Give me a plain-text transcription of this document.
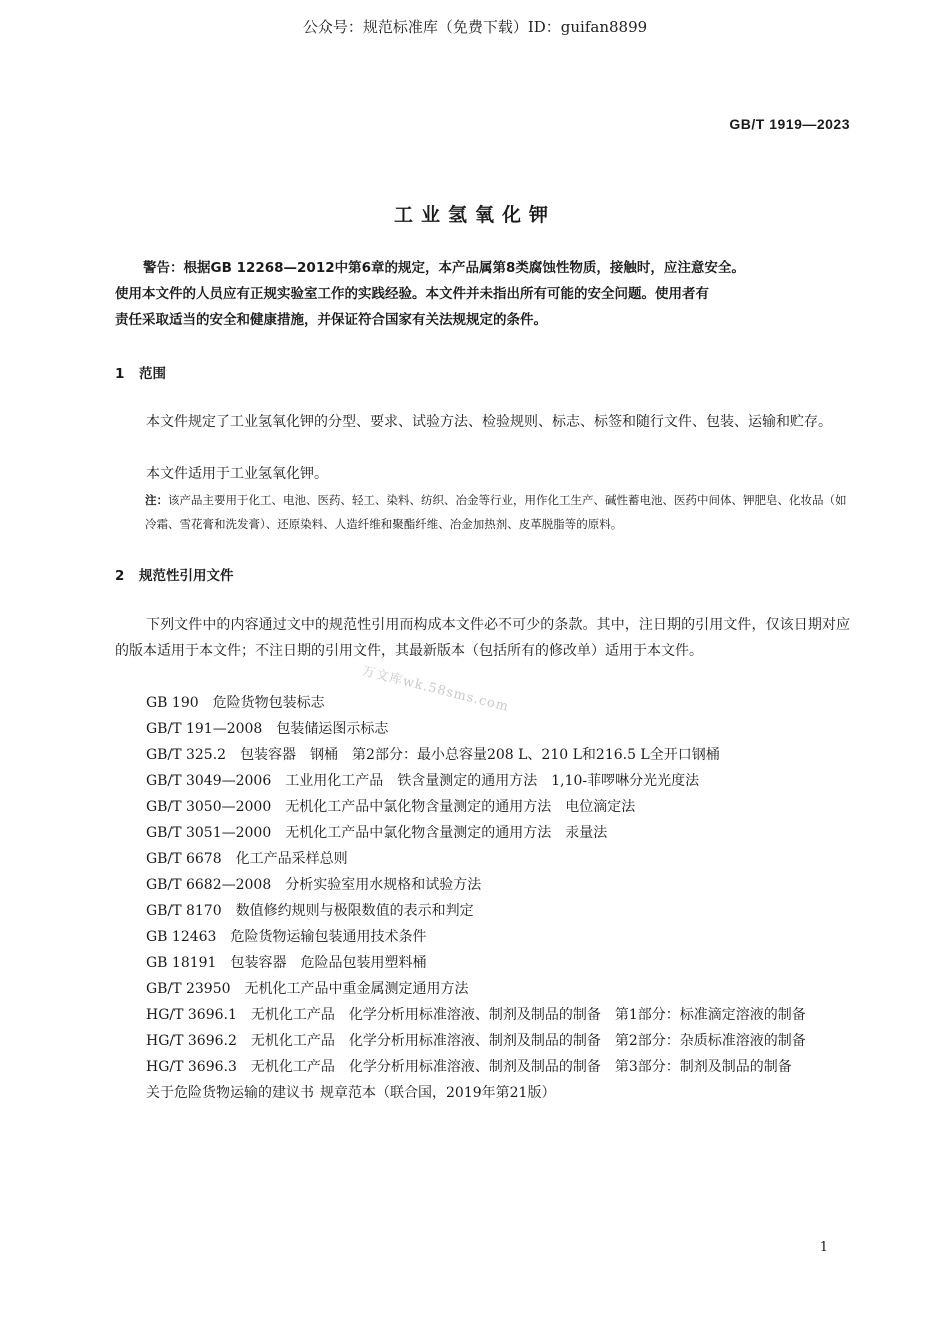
公众号：规范标准库（免费下载）ID：guifan8899
GB/T 1919—2023
工业氢氧化钾
警告：根据GB 12268—2012中第6章的规定，本产品属第8类腐蚀性物质，接触时，应注意安全。
使用本文件的人员应有正规实验室工作的实践经验。本文件并未指出所有可能的安全问题。使用者有
责任采取适当的安全和健康措施，并保证符合国家有关法规规定的条件。
1 范围
本文件规定了工业氢氧化钾的分型、要求、试验方法、检验规则、标志、标签和随行文件、包装、运输和贮存。
本文件适用于工业氢氧化钾。
注：该产品主要用于化工、电池、医药、轻工、染料、纺织、冶金等行业，用作化工生产、碱性蓄电池、医药中间体、钾肥皂、化妆品（如冷霜、雪花膏和洗发膏）、还原染料、人造纤维和聚酯纤维、冶金加热剂、皮革脱脂等的原料。
2 规范性引用文件
下列文件中的内容通过文中的规范性引用而构成本文件必不可少的条款。其中，注日期的引用文件，仅该日期对应的版本适用于本文件；不注日期的引用文件，其最新版本（包括所有的修改单）适用于本文件。
GB 190 危险货物包装标志
GB/T 191—2008 包装储运图示标志
GB/T 325.2 包装容器　钢桶　第2部分：最小总容量208 L、210 L和216.5 L全开口钢桶
GB/T 3049—2006 工业用化工产品　铁含量测定的通用方法　1,10-菲啰啉分光光度法
GB/T 3050—2000 无机化工产品中氯化物含量测定的通用方法　电位滴定法
GB/T 3051—2000 无机化工产品中氯化物含量测定的通用方法　汞量法
GB/T 6678 化工产品采样总则
GB/T 6682—2008 分析实验室用水规格和试验方法
GB/T 8170 数值修约规则与极限数值的表示和判定
GB 12463 危险货物运输包装通用技术条件
GB 18191 包装容器　危险品包装用塑料桶
GB/T 23950 无机化工产品中重金属测定通用方法
HG/T 3696.1 无机化工产品　化学分析用标准溶液、制剂及制品的制备　第1部分：标准滴定溶液的制备
HG/T 3696.2 无机化工产品　化学分析用标准溶液、制剂及制品的制备　第2部分：杂质标准溶液的制备
HG/T 3696.3 无机化工产品　化学分析用标准溶液、制剂及制品的制备　第3部分：制剂及制品的制备
关于危险货物运输的建议书 规章范本（联合国，2019年第21版）
万文库wk.58sms.com
1
